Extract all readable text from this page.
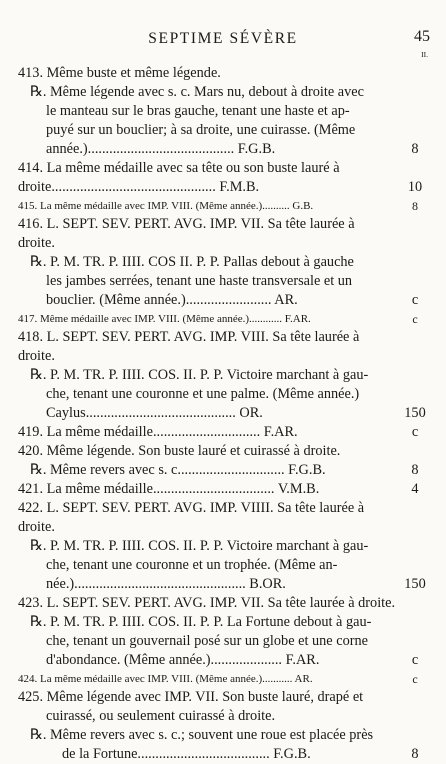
SEPTIME SÉVÈRE	45
II.
413. Même buste et même légende.
℞. Même légende avec s. c. Mars nu, debout à droite avec
le manteau sur le bras gauche, tenant une haste et ap-
puyé sur un bouclier; à sa droite, une cuirasse. (Même
année.)......................................... F.G.B.	8
414. La même médaille avec sa tête ou son buste lauré à
droite.............................................. F.M.B.	10
415. La même médaille avec IMP. VIII. (Même année.).......... G.B.	8
416. L. SEPT. SEV. PERT. AVG. IMP. VII. Sa tête laurée à
droite.
℞. P. M. TR. P. IIII. COS II. P. P. Pallas debout à gauche
les jambes serrées, tenant une haste transversale et un
bouclier. (Même année.)........................ AR.	c
417. Même médaille avec IMP. VIII. (Même année.)............ F.AR.	c
418. L. SEPT. SEV. PERT. AVG. IMP. VIII. Sa tête laurée à
droite.
℞. P. M. TR. P. IIII. COS. II. P. P. Victoire marchant à gau-
che, tenant une couronne et une palme. (Même année.)
Caylus.......................................... OR.	150
419. La même médaille.............................. F.AR.	c
420. Même légende. Son buste lauré et cuirassé à droite.
℞. Même revers avec s. c.............................. F.G.B.	8
421. La même médaille.................................. V.M.B.	4
422. L. SEPT. SEV. PERT. AVG. IMP. VIIII. Sa tête laurée à
droite.
℞. P. M. TR. P. IIII. COS. II. P. P. Victoire marchant à gau-
che, tenant une couronne et un trophée. (Même an-
née.)................................................ B.OR.	150
423. L. SEPT. SEV. PERT. AVG. IMP. VII. Sa tête laurée à droite.
℞. P. M. TR. P. IIII. COS. II. P. P. La Fortune debout à gau-
che, tenant un gouvernail posé sur un globe et une corne
d'abondance. (Même année.).................... F.AR.	c
424. La même médaille avec IMP. VIII. (Même année.)........... AR.	c
425. Même légende avec IMP. VII. Son buste lauré, drapé et
cuirassé, ou seulement cuirassé à droite.
℞. Même revers avec s. c.; souvent une roue est placée près
de la Fortune..................................... F.G.B.	8
